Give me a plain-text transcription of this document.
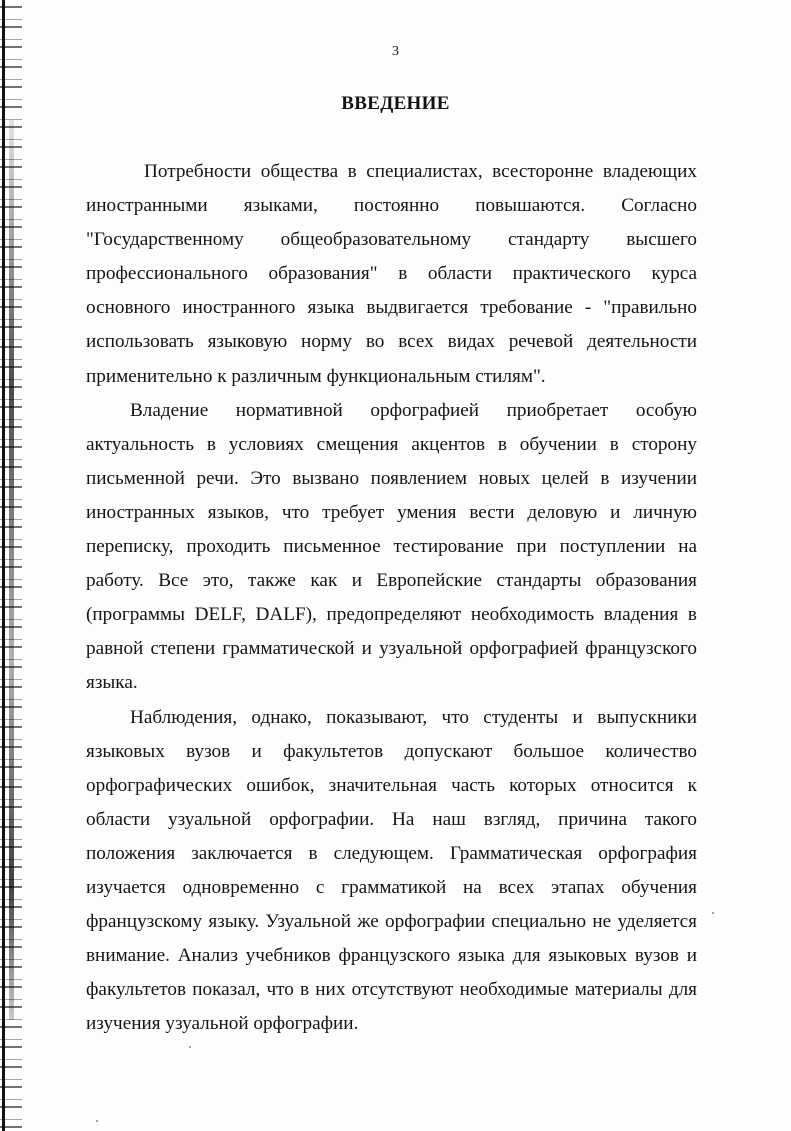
3
ВВЕДЕНИЕ

Потребности общества в специалистах, всесторонне владеющих иностранными языками, постоянно повышаются. Согласно "Государственному общеобразовательному стандарту высшего профессионального образования" в области практического курса основного иностранного языка выдвигается требование - "правильно использовать языковую норму во всех видах речевой деятельности применительно к различным функциональным стилям".

Владение нормативной орфографией приобретает особую актуальность в условиях смещения акцентов в обучении в сторону письменной речи. Это вызвано появлением новых целей в изучении иностранных языков, что требует умения вести деловую и личную переписку, проходить письменное тестирование при поступлении на работу. Все это, также как и Европейские стандарты образования (программы DELF, DALF), предопределяют необходимость владения в равной степени грамматической и узуальной орфографией французского языка.

Наблюдения, однако, показывают, что студенты и выпускники языковых вузов и факультетов допускают большое количество орфографических ошибок, значительная часть которых относится к области узуальной орфографии. На наш взгляд, причина такого положения заключается в следующем. Грамматическая орфография изучается одновременно с грамматикой на всех этапах обучения французскому языку. Узуальной же орфографии специально не уделяется внимание. Анализ учебников французского языка для языковых вузов и факультетов показал, что в них отсутствуют необходимые материалы для изучения узуальной орфографии.
